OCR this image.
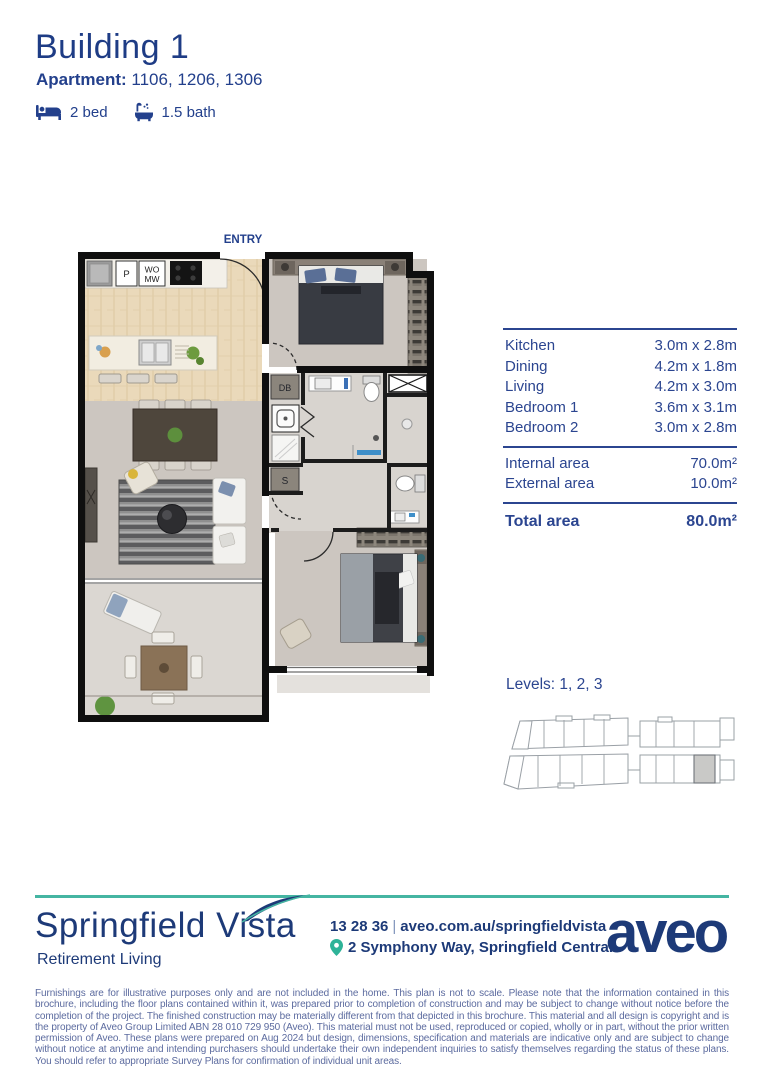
Building 1
Apartment: 1106, 1206, 1306
2 bed	1.5 bath
ENTRY
P WO
MW
DB
S
Kitchen	3.0m x 2.8m
Dining	4.2m x 1.8m
Living	4.2m x 3.0m
Bedroom 1	3.6m x 3.1m
Bedroom 2	3.0m x 2.8m
Internal area	70.0m²
External area	10.0m²
Total area	80.0m²
Levels: 1, 2, 3
Springfield Vista
Retirement Living
13 28 36 | aveo.com.au/springfieldvista
2 Symphony Way, Springfield Central
aveo
Furnishings are for illustrative purposes only and are not included in the home. This plan is not to scale. Please note that the information contained in this brochure, including the floor plans contained within it, was prepared prior to completion of construction and may be subject to change without notice before the completion of the project. The finished construction may be materially different from that depicted in this brochure. This material and all design is copyright and is the property of Aveo Group Limited ABN 28 010 729 950 (Aveo). This material must not be used, reproduced or copied, wholly or in part, without the prior written permission of Aveo. These plans were prepared on Aug 2024 but design, dimensions, specification and materials are indicative only and are subject to change without notice at anytime and intending purchasers should undertake their own independent inquiries to satisfy themselves regarding the status of these plans. You should refer to appropriate Survey Plans for confirmation of individual unit areas.
